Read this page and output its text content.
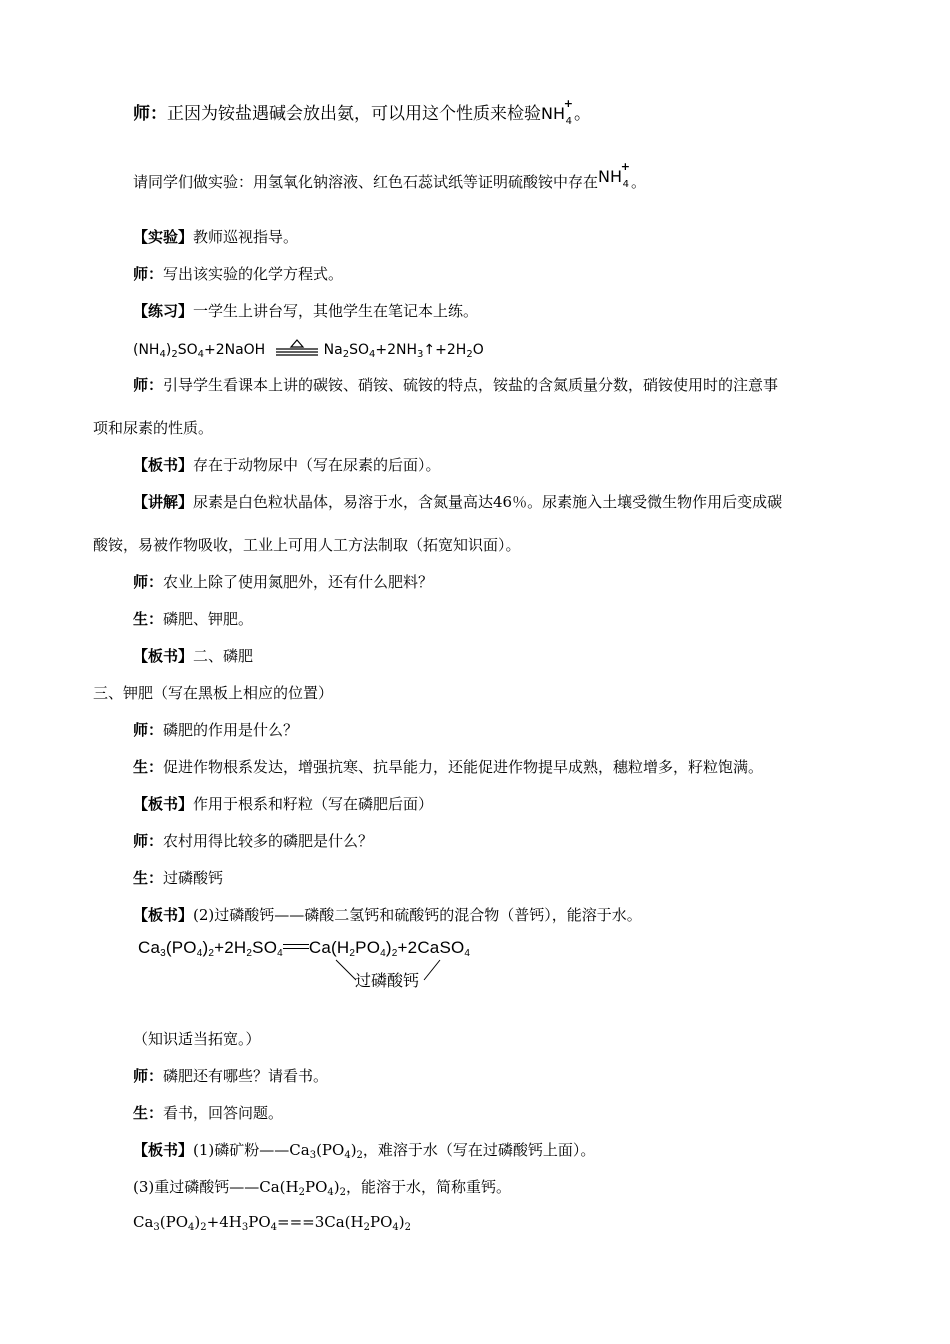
师：正因为铵盐遇碱会放出氨，可以用这个性质来检验NH
+
4 。
请同学们做实验：用氢氧化钠溶液、红色石蕊试纸等证明硫酸铵中存在NH
+
4 。
【实验】教师巡视指导。
师：写出该实验的化学方程式。
【练习】一学生上讲台写，其他学生在笔记本上练。
$(NH_4)_2SO_4+2NaOH$	$Na_2SO_4+2NH_3↑+2H_2O$
师：引导学生看课本上讲的碳铵、硝铵、硫铵的特点，铵盐的含氮质量分数，硝铵使用时的注意事
项和尿素的性质。
【板书】存在于动物尿中（写在尿素的后面）。
【讲解】尿素是白色粒状晶体，易溶于水，含氮量高达46％。尿素施入土壤受微生物作用后变成碳
酸铵，易被作物吸收，工业上可用人工方法制取（拓宽知识面）。
师：农业上除了使用氮肥外，还有什么肥料？
生：磷肥、钾肥。
【板书】二、磷肥
三、钾肥（写在黑板上相应的位置）
师：磷肥的作用是什么？
生：促进作物根系发达，增强抗寒、抗旱能力，还能促进作物提早成熟，穗粒增多，籽粒饱满。
【板书】作用于根系和籽粒（写在磷肥后面）
师：农村用得比较多的磷肥是什么？
生：过磷酸钙
【板书】(2)过磷酸钙——磷酸二氢钙和硫酸钙的混合物（普钙），能溶于水。
$Ca_3(PO_4)_2+2H_2SO_4$ $Ca(H_2PO_4)_2+2CaSO_4$
过磷酸钙
（知识适当拓宽。）
师：磷肥还有哪些？请看书。
生：看书，回答问题。
【板书】(1)磷矿粉$——Ca_3(PO_4)_2$，难溶于水（写在过磷酸钙上面）。
(3)重过磷酸钙$——Ca(H_2PO_4)_2$，能溶于水，简称重钙。
$Ca_3(PO_4)_2+4H_3PO_4===3Ca(H_2PO_4)_2$
